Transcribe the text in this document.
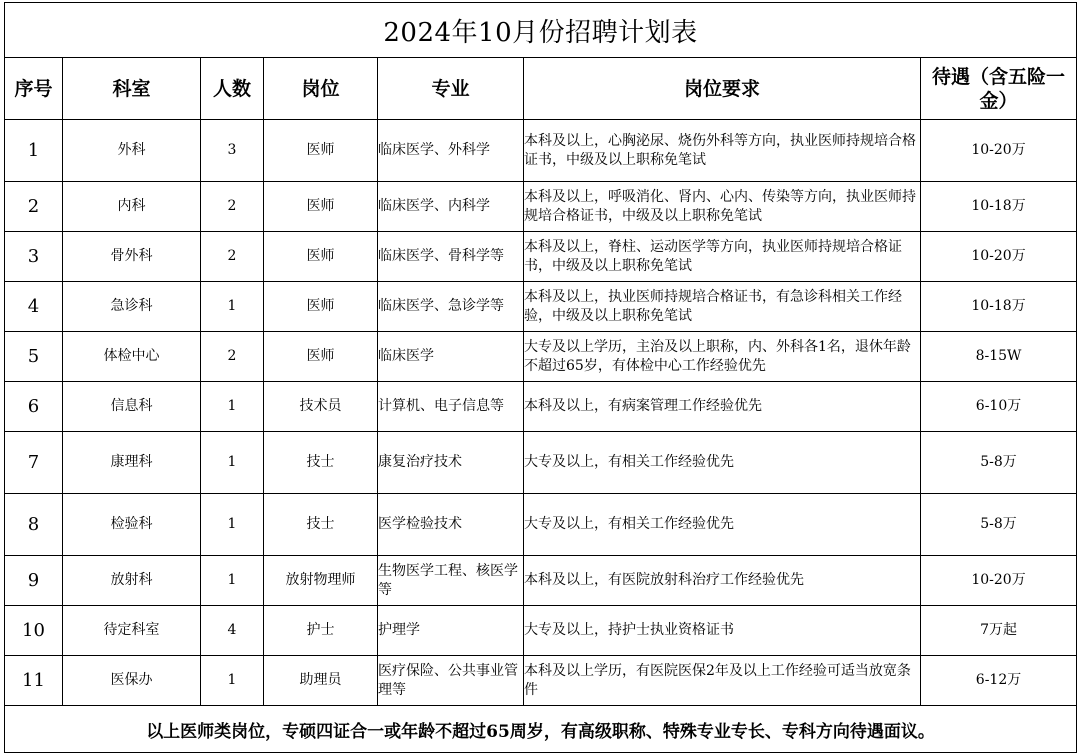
2024年10月份招聘计划表						
序号	科室	人数	岗位	专业	岗位要求	待遇（含五险一金）
1	外科	3	医师	临床医学、外科学	本科及以上，心胸泌尿、烧伤外科等方向，执业医师持规培合格证书，中级及以上职称免笔试	10-20万
2	内科	2	医师	临床医学、内科学	本科及以上，呼吸消化、肾内、心内、传染等方向，执业医师持规培合格证书，中级及以上职称免笔试	10-18万
3	骨外科	2	医师	临床医学、骨科学等	本科及以上，脊柱、运动医学等方向，执业医师持规培合格证书，中级及以上职称免笔试	10-20万
4	急诊科	1	医师	临床医学、急诊学等	本科及以上，执业医师持规培合格证书，有急诊科相关工作经验，中级及以上职称免笔试	10-18万
5	体检中心	2	医师	临床医学	大专及以上学历，主治及以上职称，内、外科各1名，退休年龄不超过65岁，有体检中心工作经验优先	8-15W
6	信息科	1	技术员	计算机、电子信息等	本科及以上，有病案管理工作经验优先	6-10万
7	康理科	1	技士	康复治疗技术	大专及以上，有相关工作经验优先	5-8万
8	检验科	1	技士	医学检验技术	大专及以上，有相关工作经验优先	5-8万
9	放射科	1	放射物理师	生物医学工程、核医学等	本科及以上，有医院放射科治疗工作经验优先	10-20万
10	待定科室	4	护士	护理学	大专及以上，持护士执业资格证书	7万起
11	医保办	1	助理员	医疗保险、公共事业管理等	本科及以上学历，有医院医保2年及以上工作经验可适当放宽条件	6-12万
以上医师类岗位，专硕四证合一或年龄不超过65周岁，有高级职称、特殊专业专长、专科方向待遇面议。						
